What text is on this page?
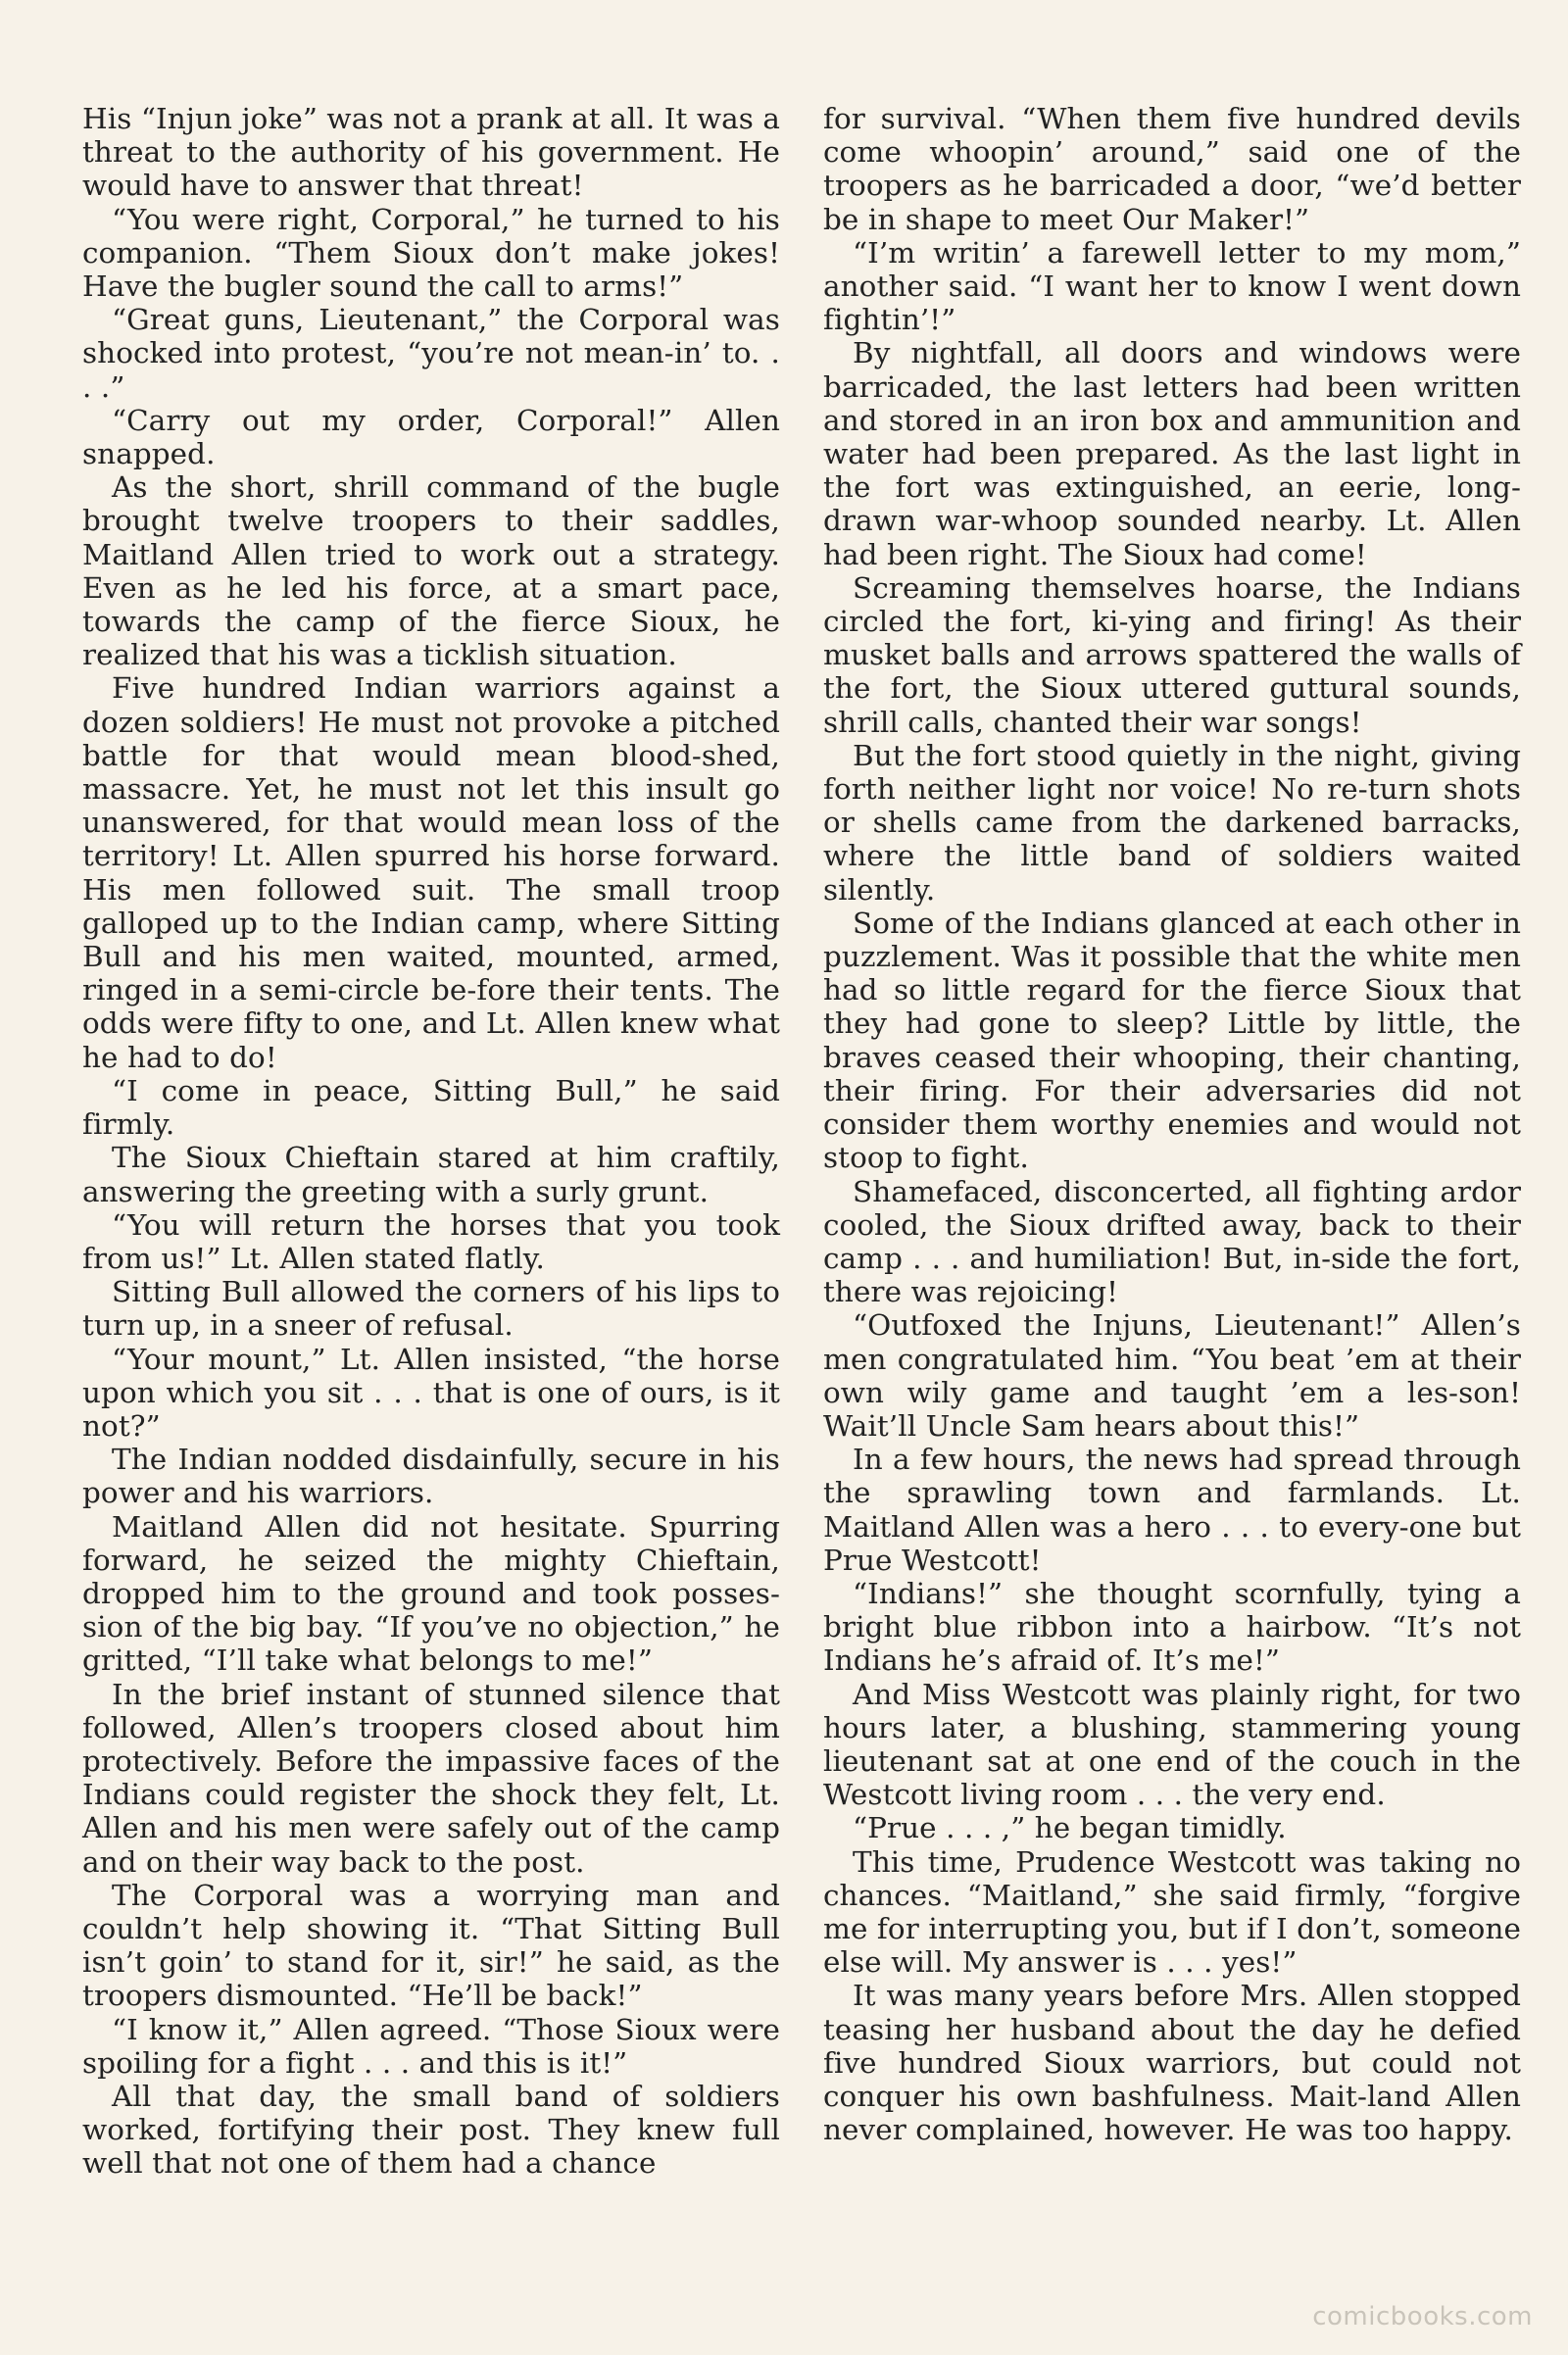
His “Injun joke” was not a prank at all. It was a threat to the authority of his government. He would have to answer that threat!

“You were right, Corporal,” he turned to his companion. “Them Sioux don’t make jokes! Have the bugler sound the call to arms!”

“Great guns, Lieutenant,” the Corporal was shocked into protest, “you’re not mean-in’ to. . . .”

“Carry out my order, Corporal!” Allen snapped.

As the short, shrill command of the bugle brought twelve troopers to their saddles, Maitland Allen tried to work out a strategy. Even as he led his force, at a smart pace, towards the camp of the fierce Sioux, he realized that his was a ticklish situation.

Five hundred Indian warriors against a dozen soldiers! He must not provoke a pitched battle for that would mean blood-shed, massacre. Yet, he must not let this insult go unanswered, for that would mean loss of the territory! Lt. Allen spurred his horse forward. His men followed suit. The small troop galloped up to the Indian camp, where Sitting Bull and his men waited, mounted, armed, ringed in a semi-circle be-fore their tents. The odds were fifty to one, and Lt. Allen knew what he had to do!

“I come in peace, Sitting Bull,” he said firmly.

The Sioux Chieftain stared at him craftily, answering the greeting with a surly grunt.

“You will return the horses that you took from us!” Lt. Allen stated flatly.

Sitting Bull allowed the corners of his lips to turn up, in a sneer of refusal.

“Your mount,” Lt. Allen insisted, “the horse upon which you sit . . . that is one of ours, is it not?”

The Indian nodded disdainfully, secure in his power and his warriors.

Maitland Allen did not hesitate. Spurring forward, he seized the mighty Chieftain, dropped him to the ground and took posses-sion of the big bay. “If you’ve no objection,” he gritted, “I’ll take what belongs to me!”

In the brief instant of stunned silence that followed, Allen’s troopers closed about him protectively. Before the impassive faces of the Indians could register the shock they felt, Lt. Allen and his men were safely out of the camp and on their way back to the post.

The Corporal was a worrying man and couldn’t help showing it. “That Sitting Bull isn’t goin’ to stand for it, sir!” he said, as the troopers dismounted. “He’ll be back!”

“I know it,” Allen agreed. “Those Sioux were spoiling for a fight . . . and this is it!”

All that day, the small band of soldiers worked, fortifying their post. They knew full well that not one of them had a chance

for survival. “When them five hundred devils come whoopin’ around,” said one of the troopers as he barricaded a door, “we’d better be in shape to meet Our Maker!”

“I’m writin’ a farewell letter to my mom,” another said. “I want her to know I went down fightin’!”

By nightfall, all doors and windows were barricaded, the last letters had been written and stored in an iron box and ammunition and water had been prepared. As the last light in the fort was extinguished, an eerie, long-drawn war-whoop sounded nearby. Lt. Allen had been right. The Sioux had come!

Screaming themselves hoarse, the Indians circled the fort, ki-ying and firing! As their musket balls and arrows spattered the walls of the fort, the Sioux uttered guttural sounds, shrill calls, chanted their war songs!

But the fort stood quietly in the night, giving forth neither light nor voice! No re-turn shots or shells came from the darkened barracks, where the little band of soldiers waited silently.

Some of the Indians glanced at each other in puzzlement. Was it possible that the white men had so little regard for the fierce Sioux that they had gone to sleep? Little by little, the braves ceased their whooping, their chanting, their firing. For their adversaries did not consider them worthy enemies and would not stoop to fight.

Shamefaced, disconcerted, all fighting ardor cooled, the Sioux drifted away, back to their camp . . . and humiliation! But, in-side the fort, there was rejoicing!

“Outfoxed the Injuns, Lieutenant!” Allen’s men congratulated him. “You beat ’em at their own wily game and taught ’em a les-son! Wait’ll Uncle Sam hears about this!”

In a few hours, the news had spread through the sprawling town and farmlands. Lt. Maitland Allen was a hero . . . to every-one but Prue Westcott!

“Indians!” she thought scornfully, tying a bright blue ribbon into a hairbow. “It’s not Indians he’s afraid of. It’s me!”

And Miss Westcott was plainly right, for two hours later, a blushing, stammering young lieutenant sat at one end of the couch in the Westcott living room . . . the very end.

“Prue . . . ,” he began timidly.

This time, Prudence Westcott was taking no chances. “Maitland,” she said firmly, “forgive me for interrupting you, but if I don’t, someone else will. My answer is . . . yes!”

It was many years before Mrs. Allen stopped teasing her husband about the day he defied five hundred Sioux warriors, but could not conquer his own bashfulness. Mait-land Allen never complained, however. He was too happy.

comicbooks.com
